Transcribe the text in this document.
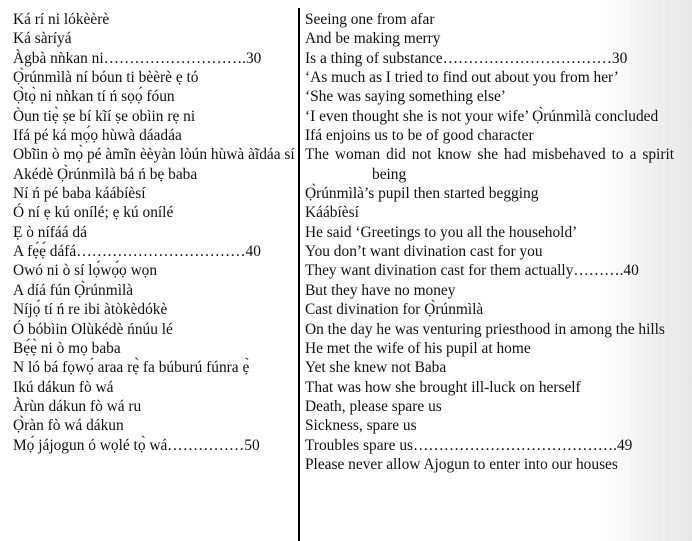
Ká rí ni lókèèrè
Ká sàríyá
Àgbà nǹkan ni……………………….30
Ọ̀rúnmìlà ní bóun ti bèèrè ẹ tó
Ọ̀tọ̀ ni nǹkan tí ń sọọ́ fóun
Òun tiẹ̀ ṣe bí kĩí ṣe obìin rẹ ni
Ifá pé ká mọ́ọ hùwà dáadáa
Obĩin ò mọ̀ pé àmĩn èèyàn lòún hùwà àĩdáa sí
Akédè Ọ̀rúnmìlà bá ń bẹ baba
Ní ń pé baba káábíèsí
Ó ní ẹ kú onílé; ẹ kú onílé
Ẹ ò nífáá dá
A fẹ́ẹ́ dáfá……………………………40
Owó ni ò sí lọ́wọ́ọ wọn
A díá fún Ọ̀rúnmìlà
Níjọ́ tí ń re ibi àtòkèdókè
Ó bóbìin Olùkédè ńnúu lé
Bẹ́ẹ̀ ni ò mọ baba
N ló bá fọwọ́ araa rẹ̀ fa búburú fúnra ẹ̀
Ikú dákun fò wá
Àrùn dákun fò wá ru
Ọ̀ràn fò wá dákun
Mọ́ jájogun ó wọlé tọ̀ wá……………50
Seeing one from afar
And be making merry
Is a thing of substance……………………………30
‘As much as I tried to find out about you from her’
‘She was saying something else’
‘I even thought she is not your wife’ Ọ̀rúnmìlà concluded
Ifá enjoins us to be of good character
The woman did not know she had misbehaved to a spirit being
Ọ̀rúnmìlà’s pupil then started begging
Káábíèsí
He said ‘Greetings to you all the household’
You don’t want divination cast for you
They want divination cast for them actually……….40
But they have no money
Cast divination for Ọ̀rúnmìlà
On the day he was venturing priesthood in among the hills
He met the wife of his pupil at home
Yet she knew not Baba
That was how she brought ill-luck on herself
Death, please spare us
Sickness, spare us
Troubles spare us………………………………….49
Please never allow Ajogun to enter into our houses
